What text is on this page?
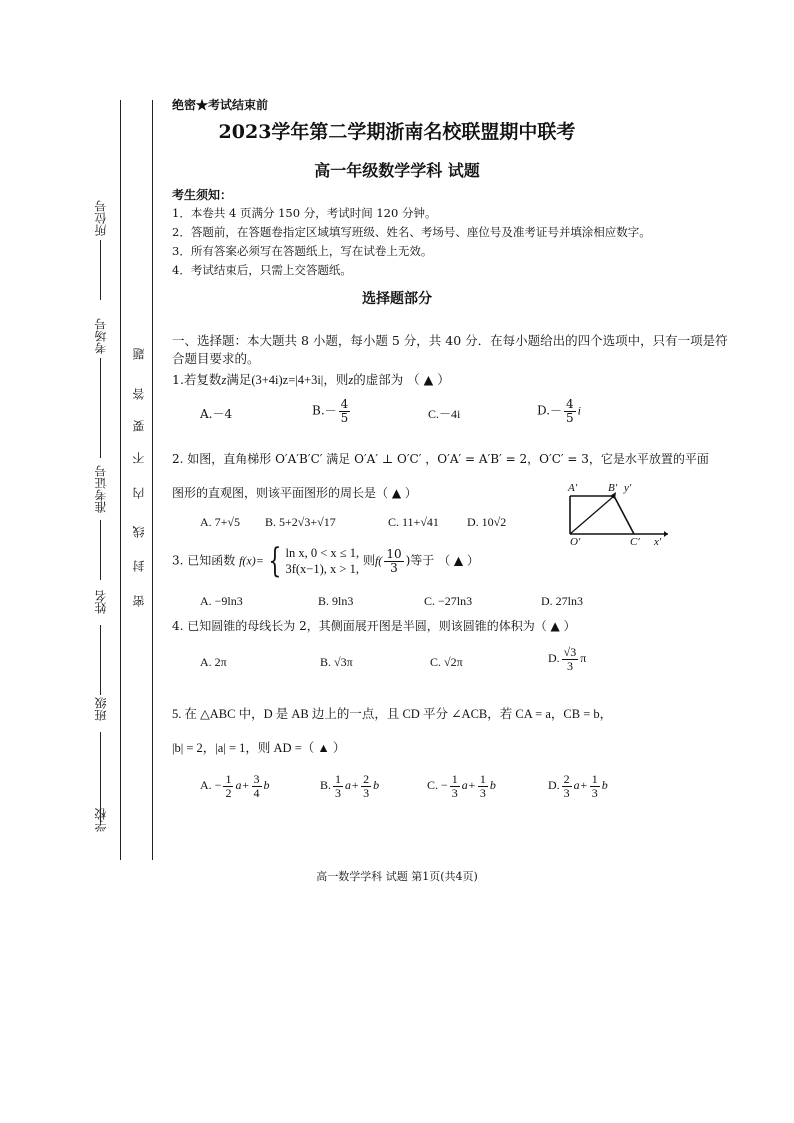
所位号
考场号
准考证号
姓名
班级
学校
题
答
要
不
内
线
封
密
绝密★考试结束前
2023学年第二学期浙南名校联盟期中联考
高一年级数学学科 试题
考生须知：
1．本卷共 4 页满分 150 分，考试时间 120 分钟。
2．答题前，在答题卷指定区域填写班级、姓名、考场号、座位号及准考证号并填涂相应数字。
3．所有答案必须写在答题纸上，写在试卷上无效。
4．考试结束后，只需上交答题纸。
选择题部分
一、选择题：本大题共 8 小题，每小题 5 分，共 40 分．在每小题给出的四个选项中，只有一项是符
合题目要求的。
1.若复数z满足(3+4i)z=|4+3i|，则z的虚部为 （ ▲ ）
A.－4	$B.- \frac{4}{5}$	C.－4i	$D.- \frac{4}{5}$ i
2. 如图，直角梯形 O′A′B′C′ 满足 O′A′ ⊥ O′C′ ，O′A′ = A′B′ = 2，O′C′ = 3，它是水平放置的平面
图形的直观图，则该平面图形的周长是（ ▲ ）
A. 7+√5 B. 5+2√3+√17	C. 11+√41 D. 10√2
A′	B′ y′
O′	C′ x′
3. 已知函数 f(x)= { ln x, 0 < x ≤ 1,
3f(x−1), x > 1,
则$f( \frac{10}{3}$ )等于 （ ▲ ）
A. −9ln3	B. 9ln3	C. −27ln3	D. 27ln3
4. 已知圆锥的母线长为 2，其侧面展开图是半圆，则该圆锥的体积为（ ▲ ）
A. 2π	B. √3π	C. √2π	D. $\frac{√3}{3}$ π
5. 在 △ABC 中，D 是 AB 边上的一点，且 CD 平分 ∠ACB，若 CA = a，CB = b，
|b| = 2，|a| = 1，则 AD =（ ▲ ）
A. − $\frac{1}{2} a+ \frac{3}{4}$ b	B. $\frac{1}{3} a+ \frac{2}{3}$ b	C. − $\frac{1}{3} a+ \frac{1}{3}$ b	D. $\frac{2}{3} a+ \frac{1}{3}$ b
高一数学学科 试题 第1页(共4页)
